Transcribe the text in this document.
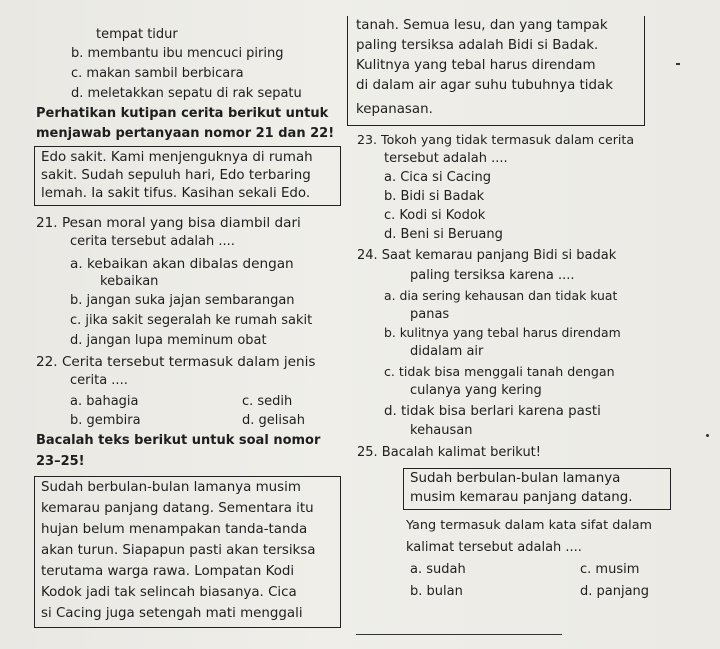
tempat tidur
b. membantu ibu mencuci piring
c. makan sambil berbicara
d. meletakkan sepatu di rak sepatu
Perhatikan kutipan cerita berikut untuk
menjawab pertanyaan nomor 21 dan 22!
Edo sakit. Kami menjenguknya di rumah
sakit. Sudah sepuluh hari, Edo terbaring
lemah. Ia sakit tifus. Kasihan sekali Edo.
21. Pesan moral yang bisa diambil dari
cerita tersebut adalah ....
a. kebaikan akan dibalas dengan
kebaikan
b. jangan suka jajan sembarangan
c. jika sakit segeralah ke rumah sakit
d. jangan lupa meminum obat
22. Cerita tersebut termasuk dalam jenis
cerita ....
a. bahagia	c. sedih
b. gembira	d. gelisah
Bacalah teks berikut untuk soal nomor
23–25!
Sudah berbulan-bulan lamanya musim
kemarau panjang datang. Sementara itu
hujan belum menampakan tanda-tanda
akan turun. Siapapun pasti akan tersiksa
terutama warga rawa. Lompatan Kodi
Kodok jadi tak selincah biasanya. Cica
si Cacing juga setengah mati menggali
tanah. Semua lesu, dan yang tampak
paling tersiksa adalah Bidi si Badak.
Kulitnya yang tebal harus direndam
di dalam air agar suhu tubuhnya tidak
kepanasan.
23. Tokoh yang tidak termasuk dalam cerita
tersebut adalah ....
a. Cica si Cacing
b. Bidi si Badak
c. Kodi si Kodok
d. Beni si Beruang
24. Saat kemarau panjang Bidi si badak
paling tersiksa karena ....
a. dia sering kehausan dan tidak kuat
panas
b. kulitnya yang tebal harus direndam
didalam air
c. tidak bisa menggali tanah dengan
culanya yang kering
d. tidak bisa berlari karena pasti
kehausan
25. Bacalah kalimat berikut!
Sudah berbulan-bulan lamanya
musim kemarau panjang datang.
Yang termasuk dalam kata sifat dalam
kalimat tersebut adalah ....
a. sudah	c. musim
b. bulan	d. panjang
